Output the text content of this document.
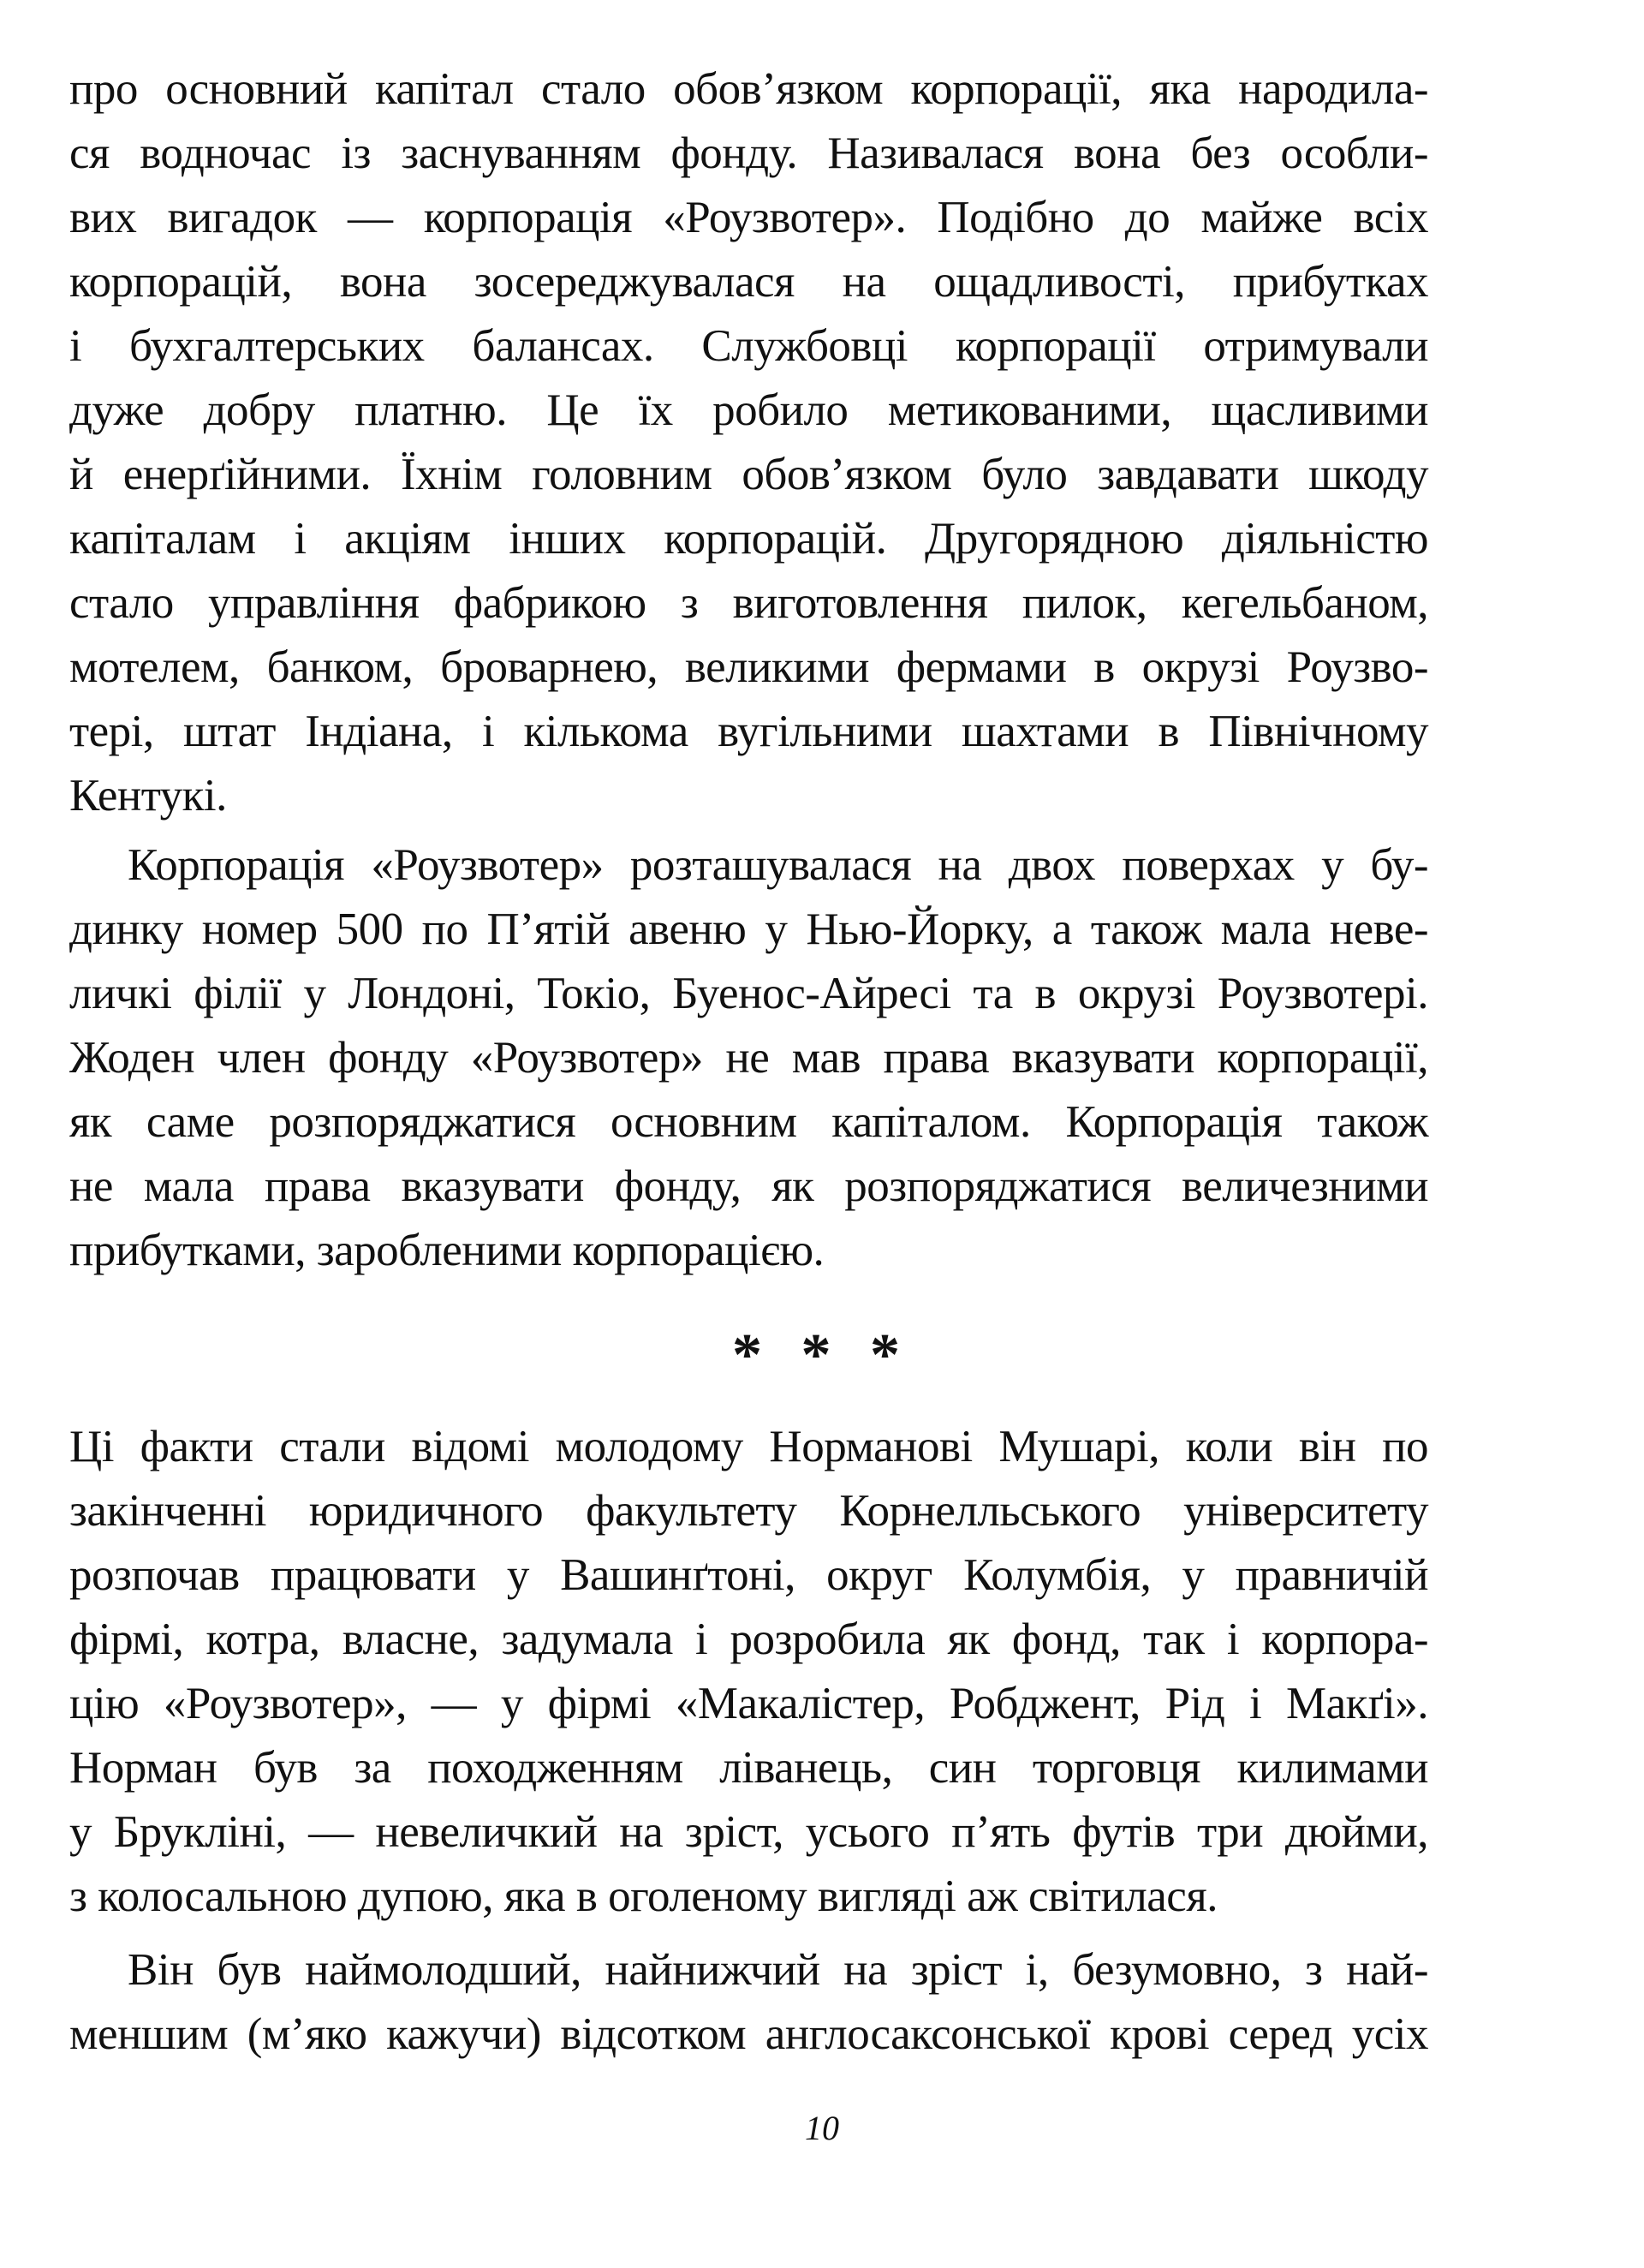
про основний капітал стало обов’язком корпорації, яка народила-
ся водночас із заснуванням фонду. Називалася вона без особли-
вих вигадок — корпорація «Роузвотер». Подібно до майже всіх
корпорацій, вона зосереджувалася на ощадливості, прибутках
і бухгалтерських балансах. Службовці корпорації отримували
дуже добру платню. Це їх робило метикованими, щасливими
й енерґійними. Їхнім головним обов’язком було завдавати шкоду
капіталам і акціям інших корпорацій. Другорядною діяльністю
стало управління фабрикою з виготовлення пилок, кегельбаном,
мотелем, банком, броварнею, великими фермами в окрузі Роузво-
тері, штат Індіана, і кількома вугільними шахтами в Північному
Кентукі.
Корпорація «Роузвотер» розташувалася на двох поверхах у бу-
динку номер 500 по П’ятій авеню у Нью-Йорку, а також мала неве-
личкі філії у Лондоні, Токіо, Буенос-Айресі та в окрузі Роузвотері.
Жоден член фонду «Роузвотер» не мав права вказувати корпорації,
як саме розпоряджатися основним капіталом. Корпорація також
не мала права вказувати фонду, як розпоряджатися величезними
прибутками, заробленими корпорацією.
* * *
Ці факти стали відомі молодому Норманові Мушарі, коли він по
закінченні юридичного факультету Корнелльського університету
розпочав працювати у Вашинґтоні, округ Колумбія, у правничій
фірмі, котра, власне, задумала і розробила як фонд, так і корпора-
цію «Роузвотер», — у фірмі «Макалістер, Робджент, Рід і Макґі».
Норман був за походженням ліванець, син торговця килимами
у Брукліні, — невеличкий на зріст, усього п’ять футів три дюйми,
з колосальною дупою, яка в оголеному вигляді аж світилася.
Він був наймолодший, найнижчий на зріст і, безумовно, з най-
меншим (м’яко кажучи) відсотком англосаксонської крові серед усіх
10
